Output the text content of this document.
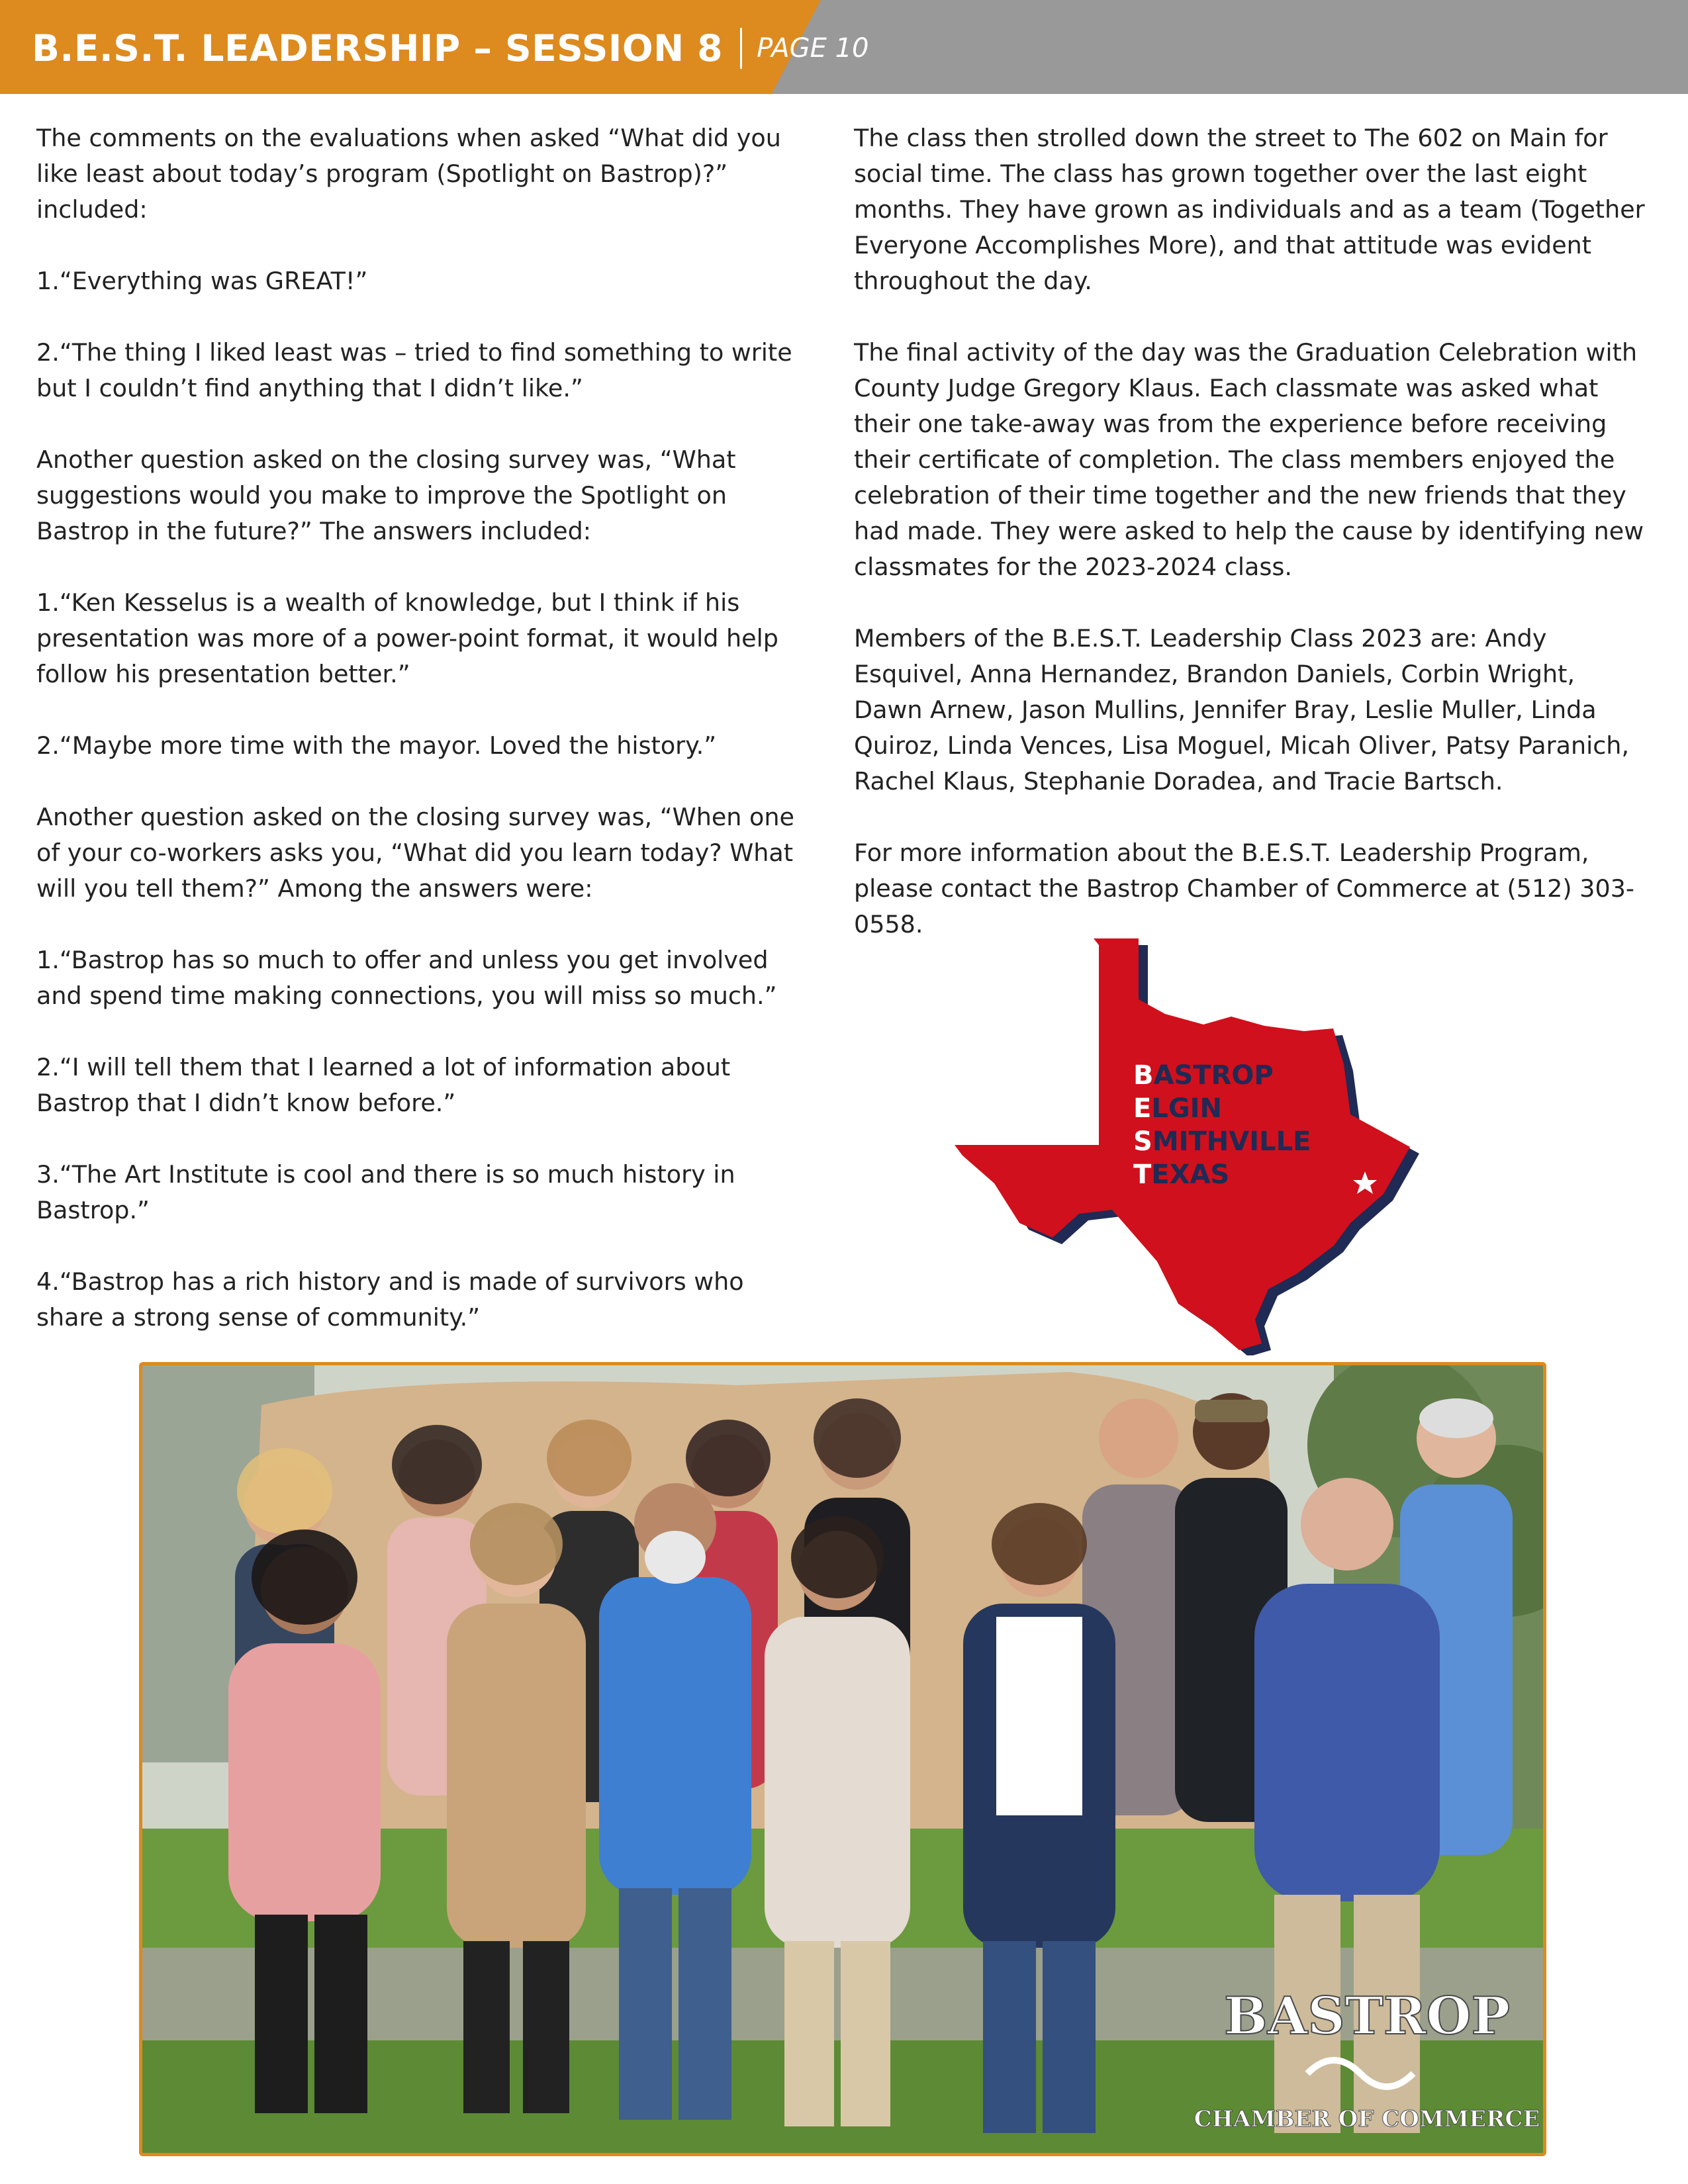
B.E.S.T. LEADERSHIP – SESSION 8 PAGE 10

The comments on the evaluations when asked “What did you like least about today’s program (Spotlight on Bastrop)?” included:

1.“Everything was GREAT!”

2.“The thing I liked least was – tried to find something to write but I couldn’t find anything that I didn’t like.”

Another question asked on the closing survey was, “What suggestions would you make to improve the Spotlight on Bastrop in the future?” The answers included:

1.“Ken Kesselus is a wealth of knowledge, but I think if his presentation was more of a power-point format, it would help follow his presentation better.”

2.“Maybe more time with the mayor. Loved the history.”

Another question asked on the closing survey was, “When one of your co-workers asks you, “What did you learn today? What will you tell them?” Among the answers were:

1.“Bastrop has so much to offer and unless you get involved and spend time making connections, you will miss so much.”

2.“I will tell them that I learned a lot of information about Bastrop that I didn’t know before.”

3.“The Art Institute is cool and there is so much history in Bastrop.”

4.“Bastrop has a rich history and is made of survivors who share a strong sense of community.”

The class then strolled down the street to The 602 on Main for social time. The class has grown together over the last eight months. They have grown as individuals and as a team (Together Everyone Accomplishes More), and that attitude was evident throughout the day.

The final activity of the day was the Graduation Celebration with County Judge Gregory Klaus. Each classmate was asked what their one take-away was from the experience before receiving their certificate of completion. The class members enjoyed the celebration of their time together and the new friends that they had made. They were asked to help the cause by identifying new classmates for the 2023-2024 class.

Members of the B.E.S.T. Leadership Class 2023 are: Andy Esquivel, Anna Hernandez, Brandon Daniels, Corbin Wright, Dawn Arnew, Jason Mullins, Jennifer Bray, Leslie Muller, Linda Quiroz, Linda Vences, Lisa Moguel, Micah Oliver, Patsy Paranich, Rachel Klaus, Stephanie Doradea, and Tracie Bartsch.

For more information about the B.E.S.T. Leadership Program, please contact the Bastrop Chamber of Commerce at (512) 303-0558.

BASTROP
ELGIN
SMITHVILLE
TEXAS
BASTROP
CHAMBER OF COMMERCE
